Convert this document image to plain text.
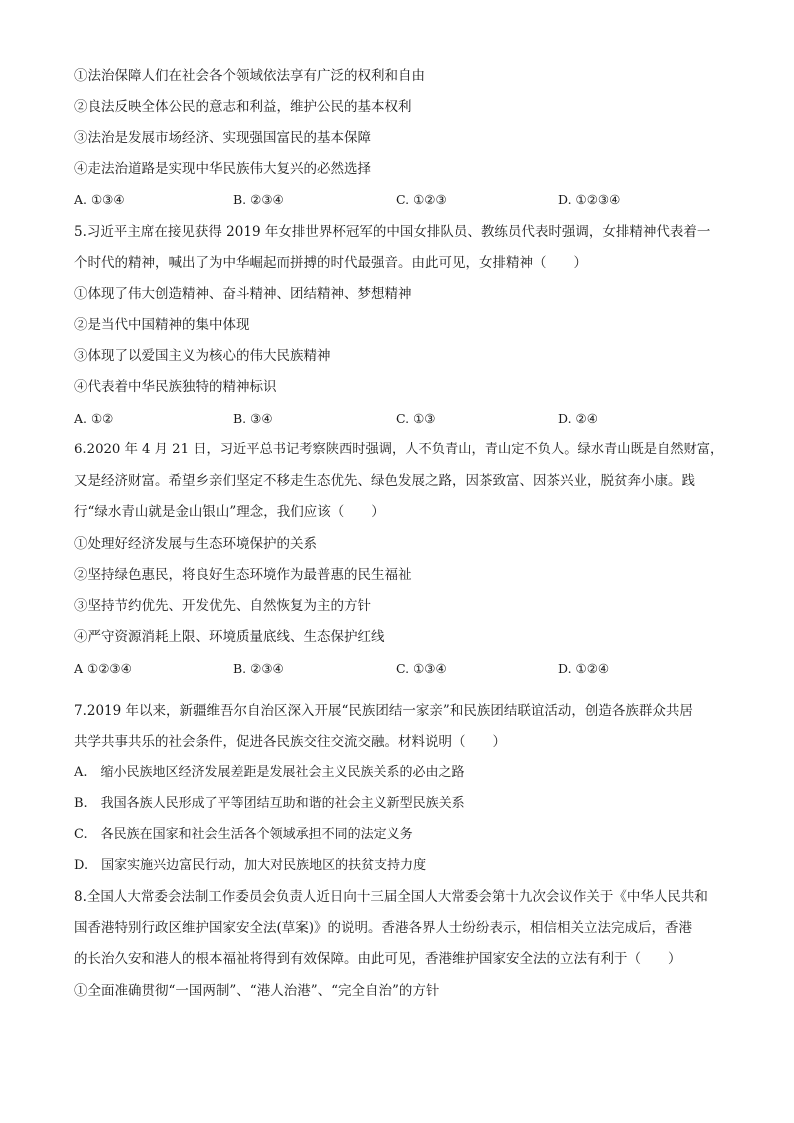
①法治保障人们在社会各个领域依法享有广泛的权利和自由
②良法反映全体公民的意志和利益，维护公民的基本权利
③法治是发展市场经济、实现强国富民的基本保障
④走法治道路是实现中华民族伟大复兴的必然选择
A. ①③④	B. ②③④	C. ①②③	D. ①②③④
5.习近平主席在接见获得 2019 年女排世界杯冠军的中国女排队员、教练员代表时强调，女排精神代表着一
个时代的精神，喊出了为中华崛起而拼搏的时代最强音。由此可见，女排精神（　　）
①体现了伟大创造精神、奋斗精神、团结精神、梦想精神
②是当代中国精神的集中体现
③体现了以爱国主义为核心的伟大民族精神
④代表着中华民族独特的精神标识
A. ①②	B. ③④	C. ①③	D. ②④
6.2020 年 4 月 21 日，习近平总书记考察陕西时强调，人不负青山，青山定不负人。绿水青山既是自然财富，
又是经济财富。希望乡亲们坚定不移走生态优先、绿色发展之路，因茶致富、因茶兴业，脱贫奔小康。践
行“绿水青山就是金山银山”理念，我们应该（　　）
①处理好经济发展与生态环境保护的关系
②坚持绿色惠民，将良好生态环境作为最普惠的民生福祉
③坚持节约优先、开发优先、自然恢复为主的方针
④严守资源消耗上限、环境质量底线、生态保护红线
A ①②③④	B. ②③④	C. ①③④	D. ①②④
7.2019 年以来，新疆维吾尔自治区深入开展“民族团结一家亲”和民族团结联谊活动，创造各族群众共居
共学共事共乐的社会条件，促进各民族交往交流交融。材料说明（　　）
A.　缩小民族地区经济发展差距是发展社会主义民族关系的必由之路
B.　我国各族人民形成了平等团结互助和谐的社会主义新型民族关系
C.　各民族在国家和社会生活各个领域承担不同的法定义务
D.　国家实施兴边富民行动，加大对民族地区的扶贫支持力度
8.全国人大常委会法制工作委员会负责人近日向十三届全国人大常委会第十九次会议作关于《中华人民共和
国香港特别行政区维护国家安全法(草案)》的说明。香港各界人士纷纷表示，相信相关立法完成后，香港
的长治久安和港人的根本福祉将得到有效保障。由此可见，香港维护国家安全法的立法有利于（　　）
①全面准确贯彻“一国两制”、“港人治港”、“完全自治”的方针
